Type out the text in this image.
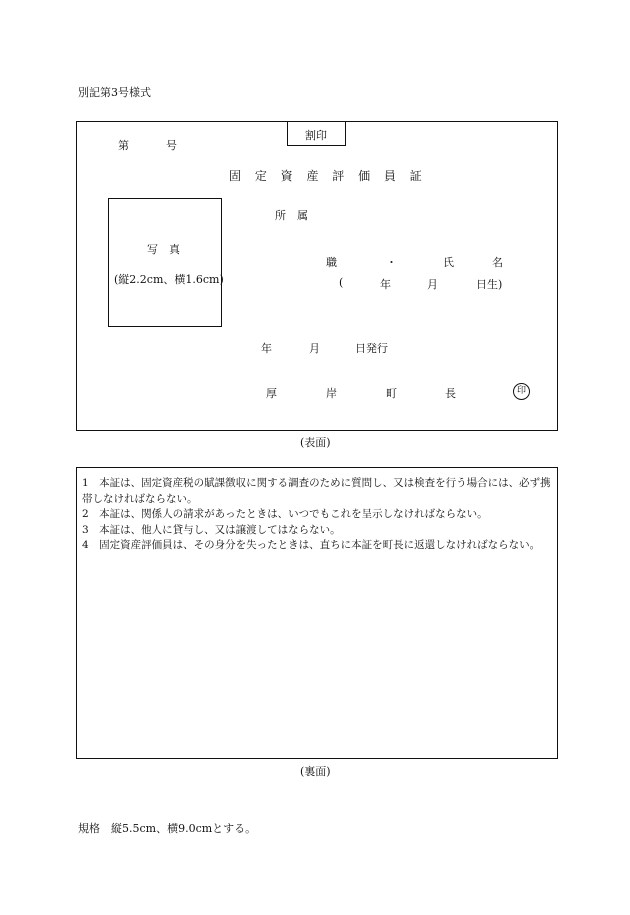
別記第3号様式
割印
第	号
固 定 資 産 評 価 員 証
写　真
(縦2.2cm、横1.6cm)
所　属
職	・	氏	名
(	年	月	日生)
年	月	日発行
厚	岸	町	長	印
(表面)

1　本証は、固定資産税の賦課徴収に関する調査のために質問し、又は検査を行う場合には、必ず携帯しなければならない。

2　本証は、関係人の請求があったときは、いつでもこれを呈示しなければならない。

3　本証は、他人に貸与し、又は譲渡してはならない。

4　固定資産評価員は、その身分を失ったときは、直ちに本証を町長に返還しなければならない。

(裏面)
規格　縦5.5cm、横9.0cmとする。
